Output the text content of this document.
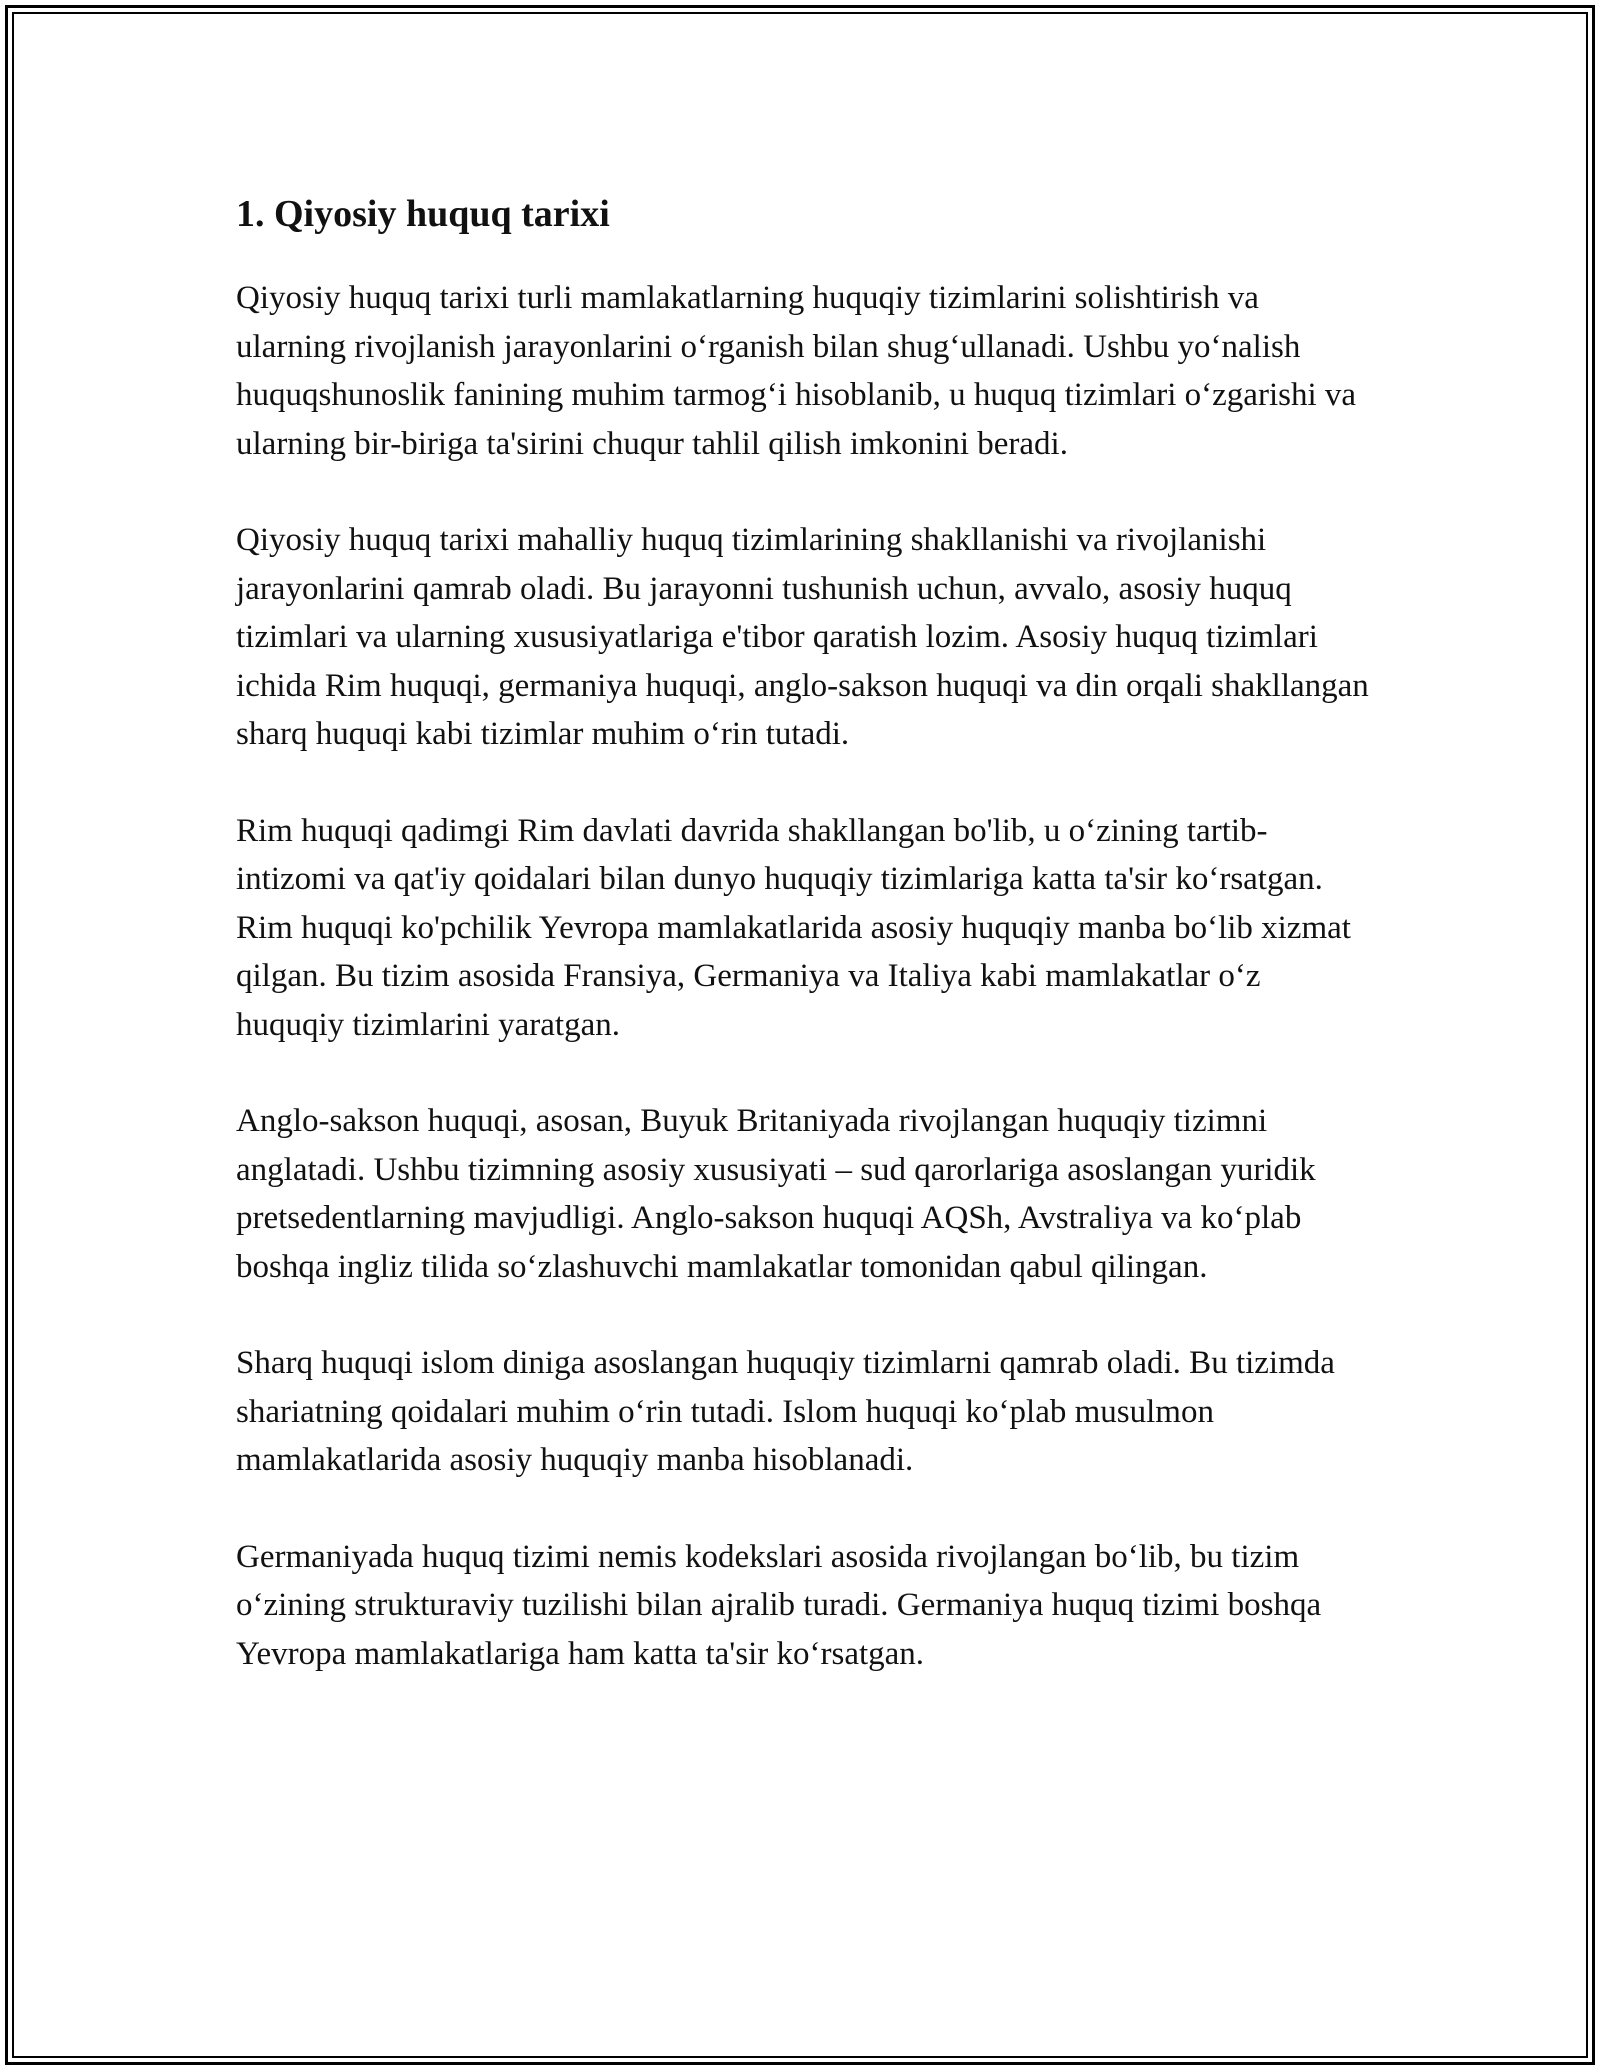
1. Qiyosiy huquq tarixi

Qiyosiy huquq tarixi turli mamlakatlarning huquqiy tizimlarini solishtirish va ularning rivojlanish jarayonlarini oʻrganish bilan shugʻullanadi. Ushbu yoʻnalish huquqshunoslik fanining muhim tarmogʻi hisoblanib, u huquq tizimlari oʻzgarishi va ularning bir-biriga ta'sirini chuqur tahlil qilish imkonini beradi.

Qiyosiy huquq tarixi mahalliy huquq tizimlarining shakllanishi va rivojlanishi jarayonlarini qamrab oladi. Bu jarayonni tushunish uchun, avvalo, asosiy huquq tizimlari va ularning xususiyatlariga e'tibor qaratish lozim. Asosiy huquq tizimlari ichida Rim huquqi, germaniya huquqi, anglo-sakson huquqi va din orqali shakllangan sharq huquqi kabi tizimlar muhim oʻrin tutadi.

Rim huquqi qadimgi Rim davlati davrida shakllangan bo'lib, u oʻzining tartib-intizomi va qat'iy qoidalari bilan dunyo huquqiy tizimlariga katta ta'sir koʻrsatgan. Rim huquqi ko'pchilik Yevropa mamlakatlarida asosiy huquqiy manba boʻlib xizmat qilgan. Bu tizim asosida Fransiya, Germaniya va Italiya kabi mamlakatlar oʻz huquqiy tizimlarini yaratgan.

Anglo-sakson huquqi, asosan, Buyuk Britaniyada rivojlangan huquqiy tizimni anglatadi. Ushbu tizimning asosiy xususiyati – sud qarorlariga asoslangan yuridik pretsedentlarning mavjudligi. Anglo-sakson huquqi AQSh, Avstraliya va koʻplab boshqa ingliz tilida soʻzlashuvchi mamlakatlar tomonidan qabul qilingan.

Sharq huquqi islom diniga asoslangan huquqiy tizimlarni qamrab oladi. Bu tizimda shariatning qoidalari muhim oʻrin tutadi. Islom huquqi koʻplab musulmon mamlakatlarida asosiy huquqiy manba hisoblanadi.

Germaniyada huquq tizimi nemis kodekslari asosida rivojlangan boʻlib, bu tizim oʻzining strukturaviy tuzilishi bilan ajralib turadi. Germaniya huquq tizimi boshqa Yevropa mamlakatlariga ham katta ta'sir koʻrsatgan.
